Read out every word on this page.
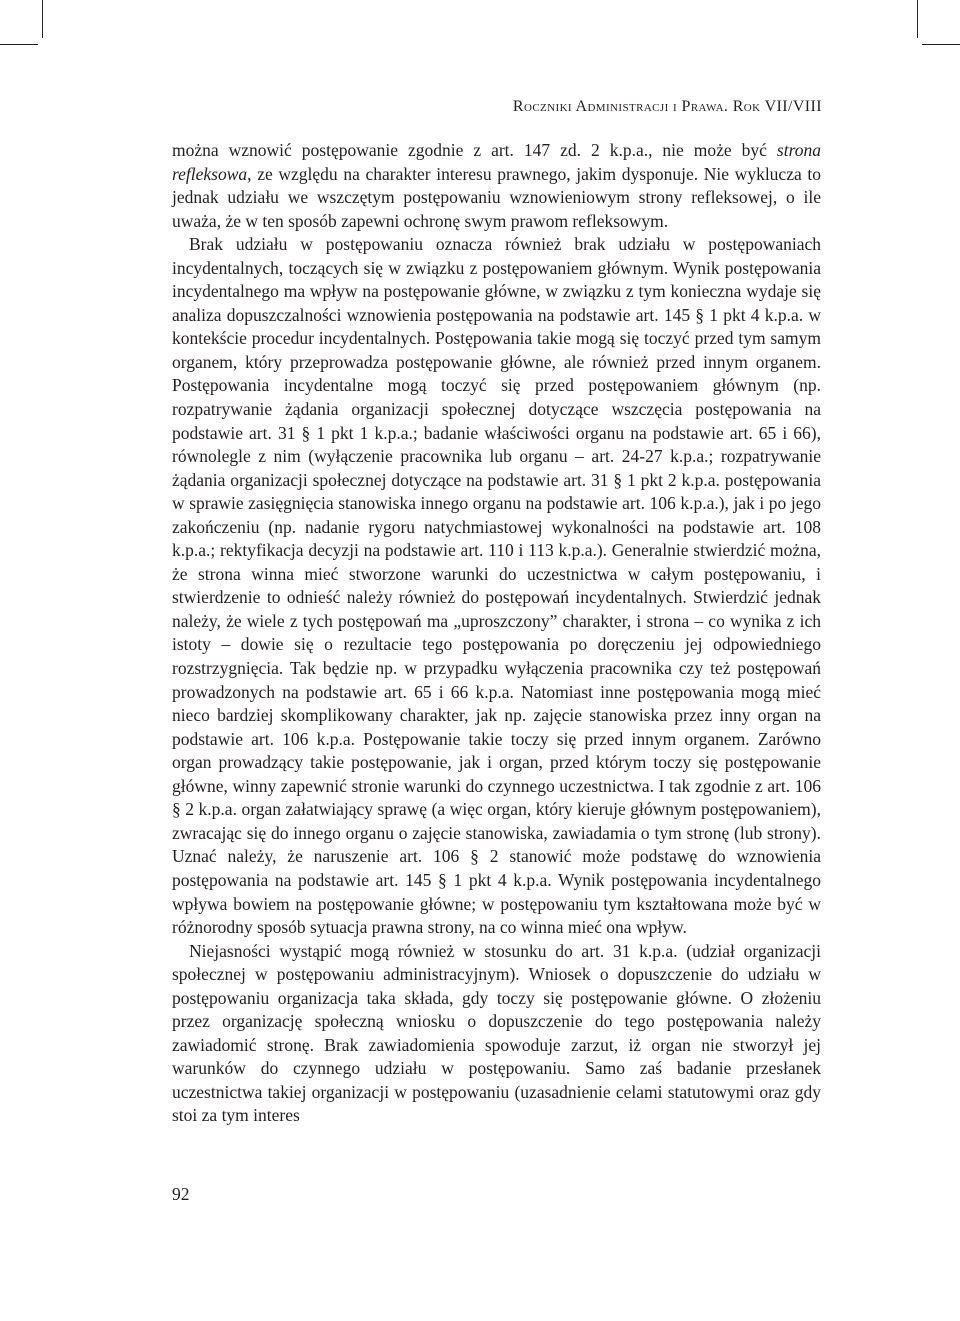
Roczniki Administracji i Prawa. Rok VII/VIII

można wznowić postępowanie zgodnie z art. 147 zd. 2 k.p.a., nie może być strona refleksowa, ze względu na charakter interesu prawnego, jakim dysponuje. Nie wyklucza to jednak udziału we wszczętym postępowaniu wznowieniowym strony refleksowej, o ile uważa, że w ten sposób zapewni ochronę swym prawom refleksowym.

Brak udziału w postępowaniu oznacza również brak udziału w postępowaniach incydentalnych, toczących się w związku z postępowaniem głównym. Wynik postępowania incydentalnego ma wpływ na postępowanie główne, w związku z tym konieczna wydaje się analiza dopuszczalności wznowienia postępowania na podstawie art. 145 § 1 pkt 4 k.p.a. w kontekście procedur incydentalnych. Postępowania takie mogą się toczyć przed tym samym organem, który przeprowadza postępowanie główne, ale również przed innym organem. Postępowania incydentalne mogą toczyć się przed postępowaniem głównym (np. rozpatrywanie żądania organizacji społecznej dotyczące wszczęcia postępowania na podstawie art. 31 § 1 pkt 1 k.p.a.; badanie właściwości organu na podstawie art. 65 i 66), równolegle z nim (wyłączenie pracownika lub organu – art. 24-27 k.p.a.; rozpatrywanie żądania organizacji społecznej dotyczące na podstawie art. 31 § 1 pkt 2 k.p.a. postępowania w sprawie zasięgnięcia stanowiska innego organu na podstawie art. 106 k.p.a.), jak i po jego zakończeniu (np. nadanie rygoru natychmiastowej wykonalności na podstawie art. 108 k.p.a.; rektyfikacja decyzji na podstawie art. 110 i 113 k.p.a.). Generalnie stwierdzić można, że strona winna mieć stworzone warunki do uczestnictwa w całym postępowaniu, i stwierdzenie to odnieść należy również do postępowań incydentalnych. Stwierdzić jednak należy, że wiele z tych postępowań ma „uproszczony” charakter, i strona – co wynika z ich istoty – dowie się o rezultacie tego postępowania po doręczeniu jej odpowiedniego rozstrzygnięcia. Tak będzie np. w przypadku wyłączenia pracownika czy też postępowań prowadzonych na podstawie art. 65 i 66 k.p.a. Natomiast inne postępowania mogą mieć nieco bardziej skomplikowany charakter, jak np. zajęcie stanowiska przez inny organ na podstawie art. 106 k.p.a. Postępowanie takie toczy się przed innym organem. Zarówno organ prowadzący takie postępowanie, jak i organ, przed którym toczy się postępowanie główne, winny zapewnić stronie warunki do czynnego uczestnictwa. I tak zgodnie z art. 106 § 2 k.p.a. organ załatwiający sprawę (a więc organ, który kieruje głównym postępowaniem), zwracając się do innego organu o zajęcie stanowiska, zawiadamia o tym stronę (lub strony). Uznać należy, że naruszenie art. 106 § 2 stanowić może podstawę do wznowienia postępowania na podstawie art. 145 § 1 pkt 4 k.p.a. Wynik postępowania incydentalnego wpływa bowiem na postępowanie główne; w postępowaniu tym kształtowana może być w różnorodny sposób sytuacja prawna strony, na co winna mieć ona wpływ.

Niejasności wystąpić mogą również w stosunku do art. 31 k.p.a. (udział organizacji społecznej w postępowaniu administracyjnym). Wniosek o dopuszczenie do udziału w postępowaniu organizacja taka składa, gdy toczy się postępowanie główne. O złożeniu przez organizację społeczną wniosku o dopuszczenie do tego postępowania należy zawiadomić stronę. Brak zawiadomienia spowoduje zarzut, iż organ nie stworzył jej warunków do czynnego udziału w postępowaniu. Samo zaś badanie przesłanek uczestnictwa takiej organizacji w postępowaniu (uzasadnienie celami statutowymi oraz gdy stoi za tym interes

92
